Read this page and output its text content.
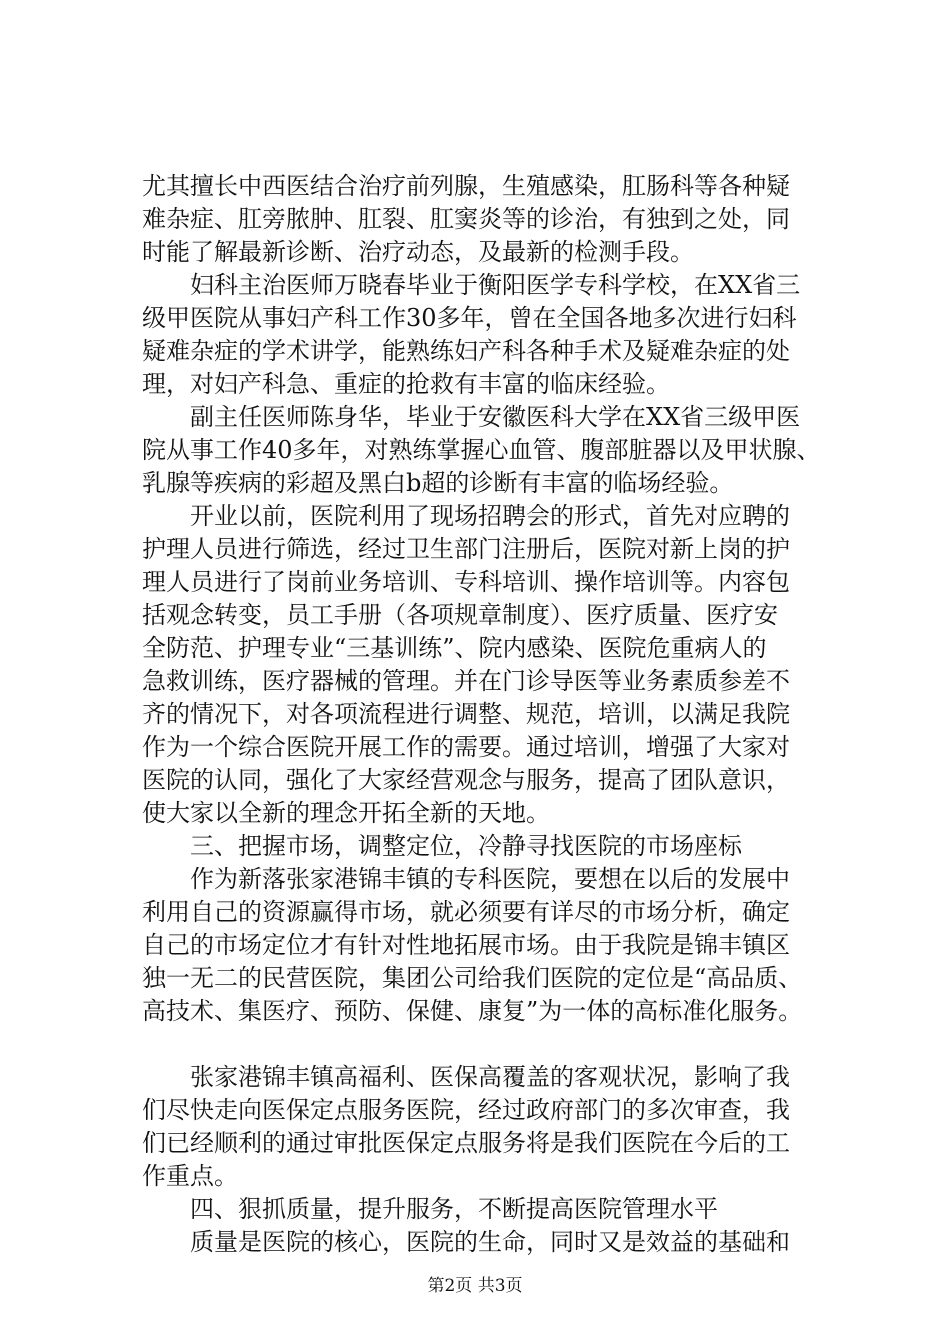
尤其擅长中西医结合治疗前列腺，生殖感染，肛肠科等各种疑
难杂症、肛旁脓肿、肛裂、肛窦炎等的诊治，有独到之处，同
时能了解最新诊断、治疗动态，及最新的检测手段。
妇科主治医师万晓春毕业于衡阳医学专科学校，在XX省三
级甲医院从事妇产科工作30多年，曾在全国各地多次进行妇科
疑难杂症的学术讲学，能熟练妇产科各种手术及疑难杂症的处
理，对妇产科急、重症的抢救有丰富的临床经验。
副主任医师陈身华，毕业于安徽医科大学在XX省三级甲医
院从事工作40多年，对熟练掌握心血管、腹部脏器以及甲状腺、
乳腺等疾病的彩超及黑白b超的诊断有丰富的临场经验。
开业以前，医院利用了现场招聘会的形式，首先对应聘的
护理人员进行筛选，经过卫生部门注册后，医院对新上岗的护
理人员进行了岗前业务培训、专科培训、操作培训等。内容包
括观念转变，员工手册（各项规章制度）、医疗质量、医疗安
全防范、护理专业“三基训练”、院内感染、医院危重病人的
急救训练，医疗器械的管理。并在门诊导医等业务素质参差不
齐的情况下，对各项流程进行调整、规范，培训，以满足我院
作为一个综合医院开展工作的需要。通过培训，增强了大家对
医院的认同，强化了大家经营观念与服务，提高了团队意识，
使大家以全新的理念开拓全新的天地。
三、把握市场，调整定位，冷静寻找医院的市场座标
作为新落张家港锦丰镇的专科医院，要想在以后的发展中
利用自己的资源赢得市场，就必须要有详尽的市场分析，确定
自己的市场定位才有针对性地拓展市场。由于我院是锦丰镇区
独一无二的民营医院，集团公司给我们医院的定位是“高品质、
高技术、集医疗、预防、保健、康复”为一体的高标准化服务。
张家港锦丰镇高福利、医保高覆盖的客观状况，影响了我
们尽快走向医保定点服务医院，经过政府部门的多次审查，我
们已经顺利的通过审批医保定点服务将是我们医院在今后的工
作重点。
四、狠抓质量，提升服务，不断提高医院管理水平
质量是医院的核心，医院的生命，同时又是效益的基础和
第2页 共3页
